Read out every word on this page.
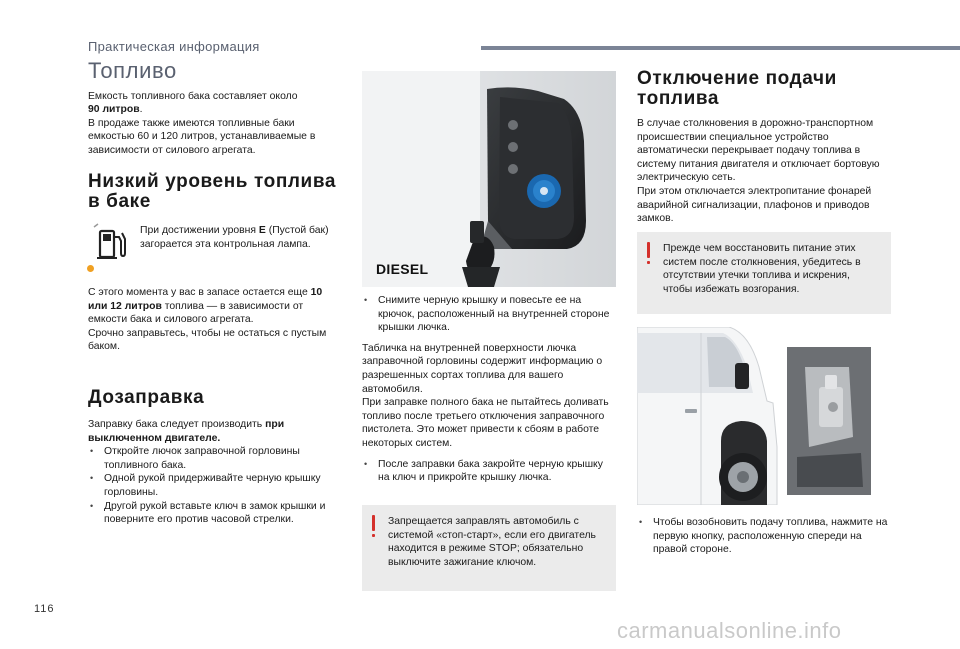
Практическая информация
Топливо

Емкость топливного бака составляет около
90 литров.

В продаже также имеются топливные баки емкостью 60 и 120 литров, устанавливаемые в зависимости от силового агрегата.

Низкий уровень топлива в баке

При достижении уровня E (Пустой бак) загорается эта контрольная лампа.

С этого момента у вас в запасе остается еще 10 или 12 литров топлива — в зависимости от емкости бака и силового агрегата.

Срочно заправьтесь, чтобы не остаться с пустым баком.

Дозаправка

Заправку бака следует производить при выключенном двигателе.

• Откройте лючок заправочной горловины топливного бака.
• Одной рукой придерживайте черную крышку горловины.
• Другой рукой вставьте ключ в замок крышки и поверните его против часовой стрелки.
DIESEL
• Снимите черную крышку и повесьте ее на крючок, расположенный на внутренней стороне крышки лючка.

Табличка на внутренней поверхности лючка заправочной горловины содержит информацию о разрешенных сортах топлива для вашего автомобиля.

При заправке полного бака не пытайтесь доливать топливо после третьего отключения заправочного пистолета. Это может привести к сбоям в работе некоторых систем.

• После заправки бака закройте черную крышку на ключ и прикройте крышку лючка.
Запрещается заправлять автомобиль с системой «стоп-старт», если его двигатель находится в режиме STOP; обязательно выключите зажигание ключом.
Отключение подачи топлива

В случае столкновения в дорожно-транспортном происшествии специальное устройство автоматически перекрывает подачу топлива в систему питания двигателя и отключает бортовую электрическую сеть.

При этом отключается электропитание фонарей аварийной сигнализации, плафонов и приводов замков.

Прежде чем восстановить питание этих систем после столкновения, убедитесь в отсутствии утечки топлива и искрения, чтобы избежать возгорания.
• Чтобы возобновить подачу топлива, нажмите на первую кнопку, расположенную спереди на правой стороне.
116
carmanualsonline.info
